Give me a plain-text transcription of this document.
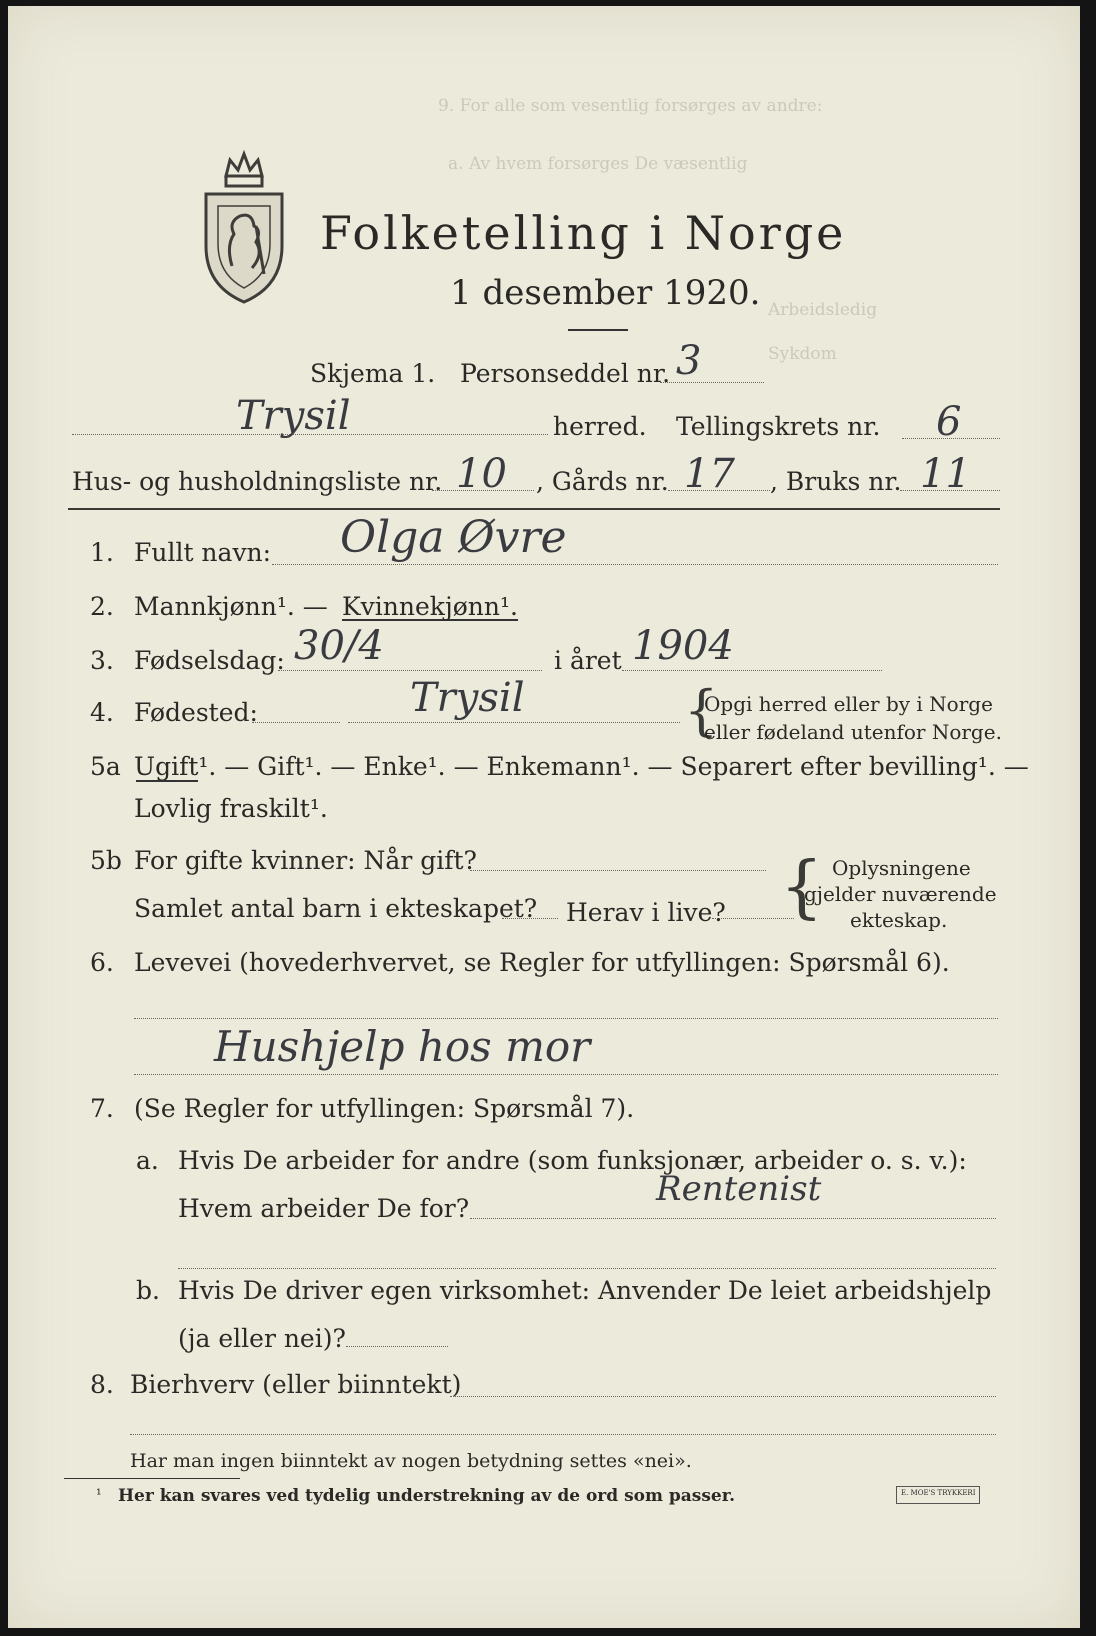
Folketelling i Norge
1 desember 1920.
Skjema 1. Personseddel nr. 3
Trysil	herred. Tellingskrets nr. 6
Hus- og husholdningsliste nr. 10 , Gårds nr. 17 , Bruks nr. 11
1. Fullt navn: Olga Øvre
2. Mannkjønn¹. — Kvinnekjønn¹.
3. Fødselsdag: 30/4	i året 1904
4. Fødested:	Trysil	{
Opgi herred eller by i Norge
eller fødeland utenfor Norge.
5a Ugift¹. — Gift¹. — Enke¹. — Enkemann¹. — Separert efter bevilling¹. —
Lovlig fraskilt¹.
5b For gifte kvinner: Når gift?
Samlet antal barn i ekteskapet? Herav i live? { Oplysningene
gjelder nuværende
ekteskap.
6. Levevei (hovederhvervet, se Regler for utfyllingen: Spørsmål 6).
Hushjelp hos mor
7. (Se Regler for utfyllingen: Spørsmål 7).
a. Hvis De arbeider for andre (som funksjonær, arbeider o. s. v.):
Hvem arbeider De for?	Rentenist
b. Hvis De driver egen virksomhet: Anvender De leiet arbeidshjelp
(ja eller nei)?
8. Bierhverv (eller biinntekt)
Har man ingen biinntekt av nogen betydning settes «nei».
¹ Her kan svares ved tydelig understrekning av de ord som passer.	E. MOE'S TRYKKERI
9. For alle som vesentlig forsørges av andre:
a. Av hvem forsørges De væsentlig
Arbeidsledig
Sykdom
